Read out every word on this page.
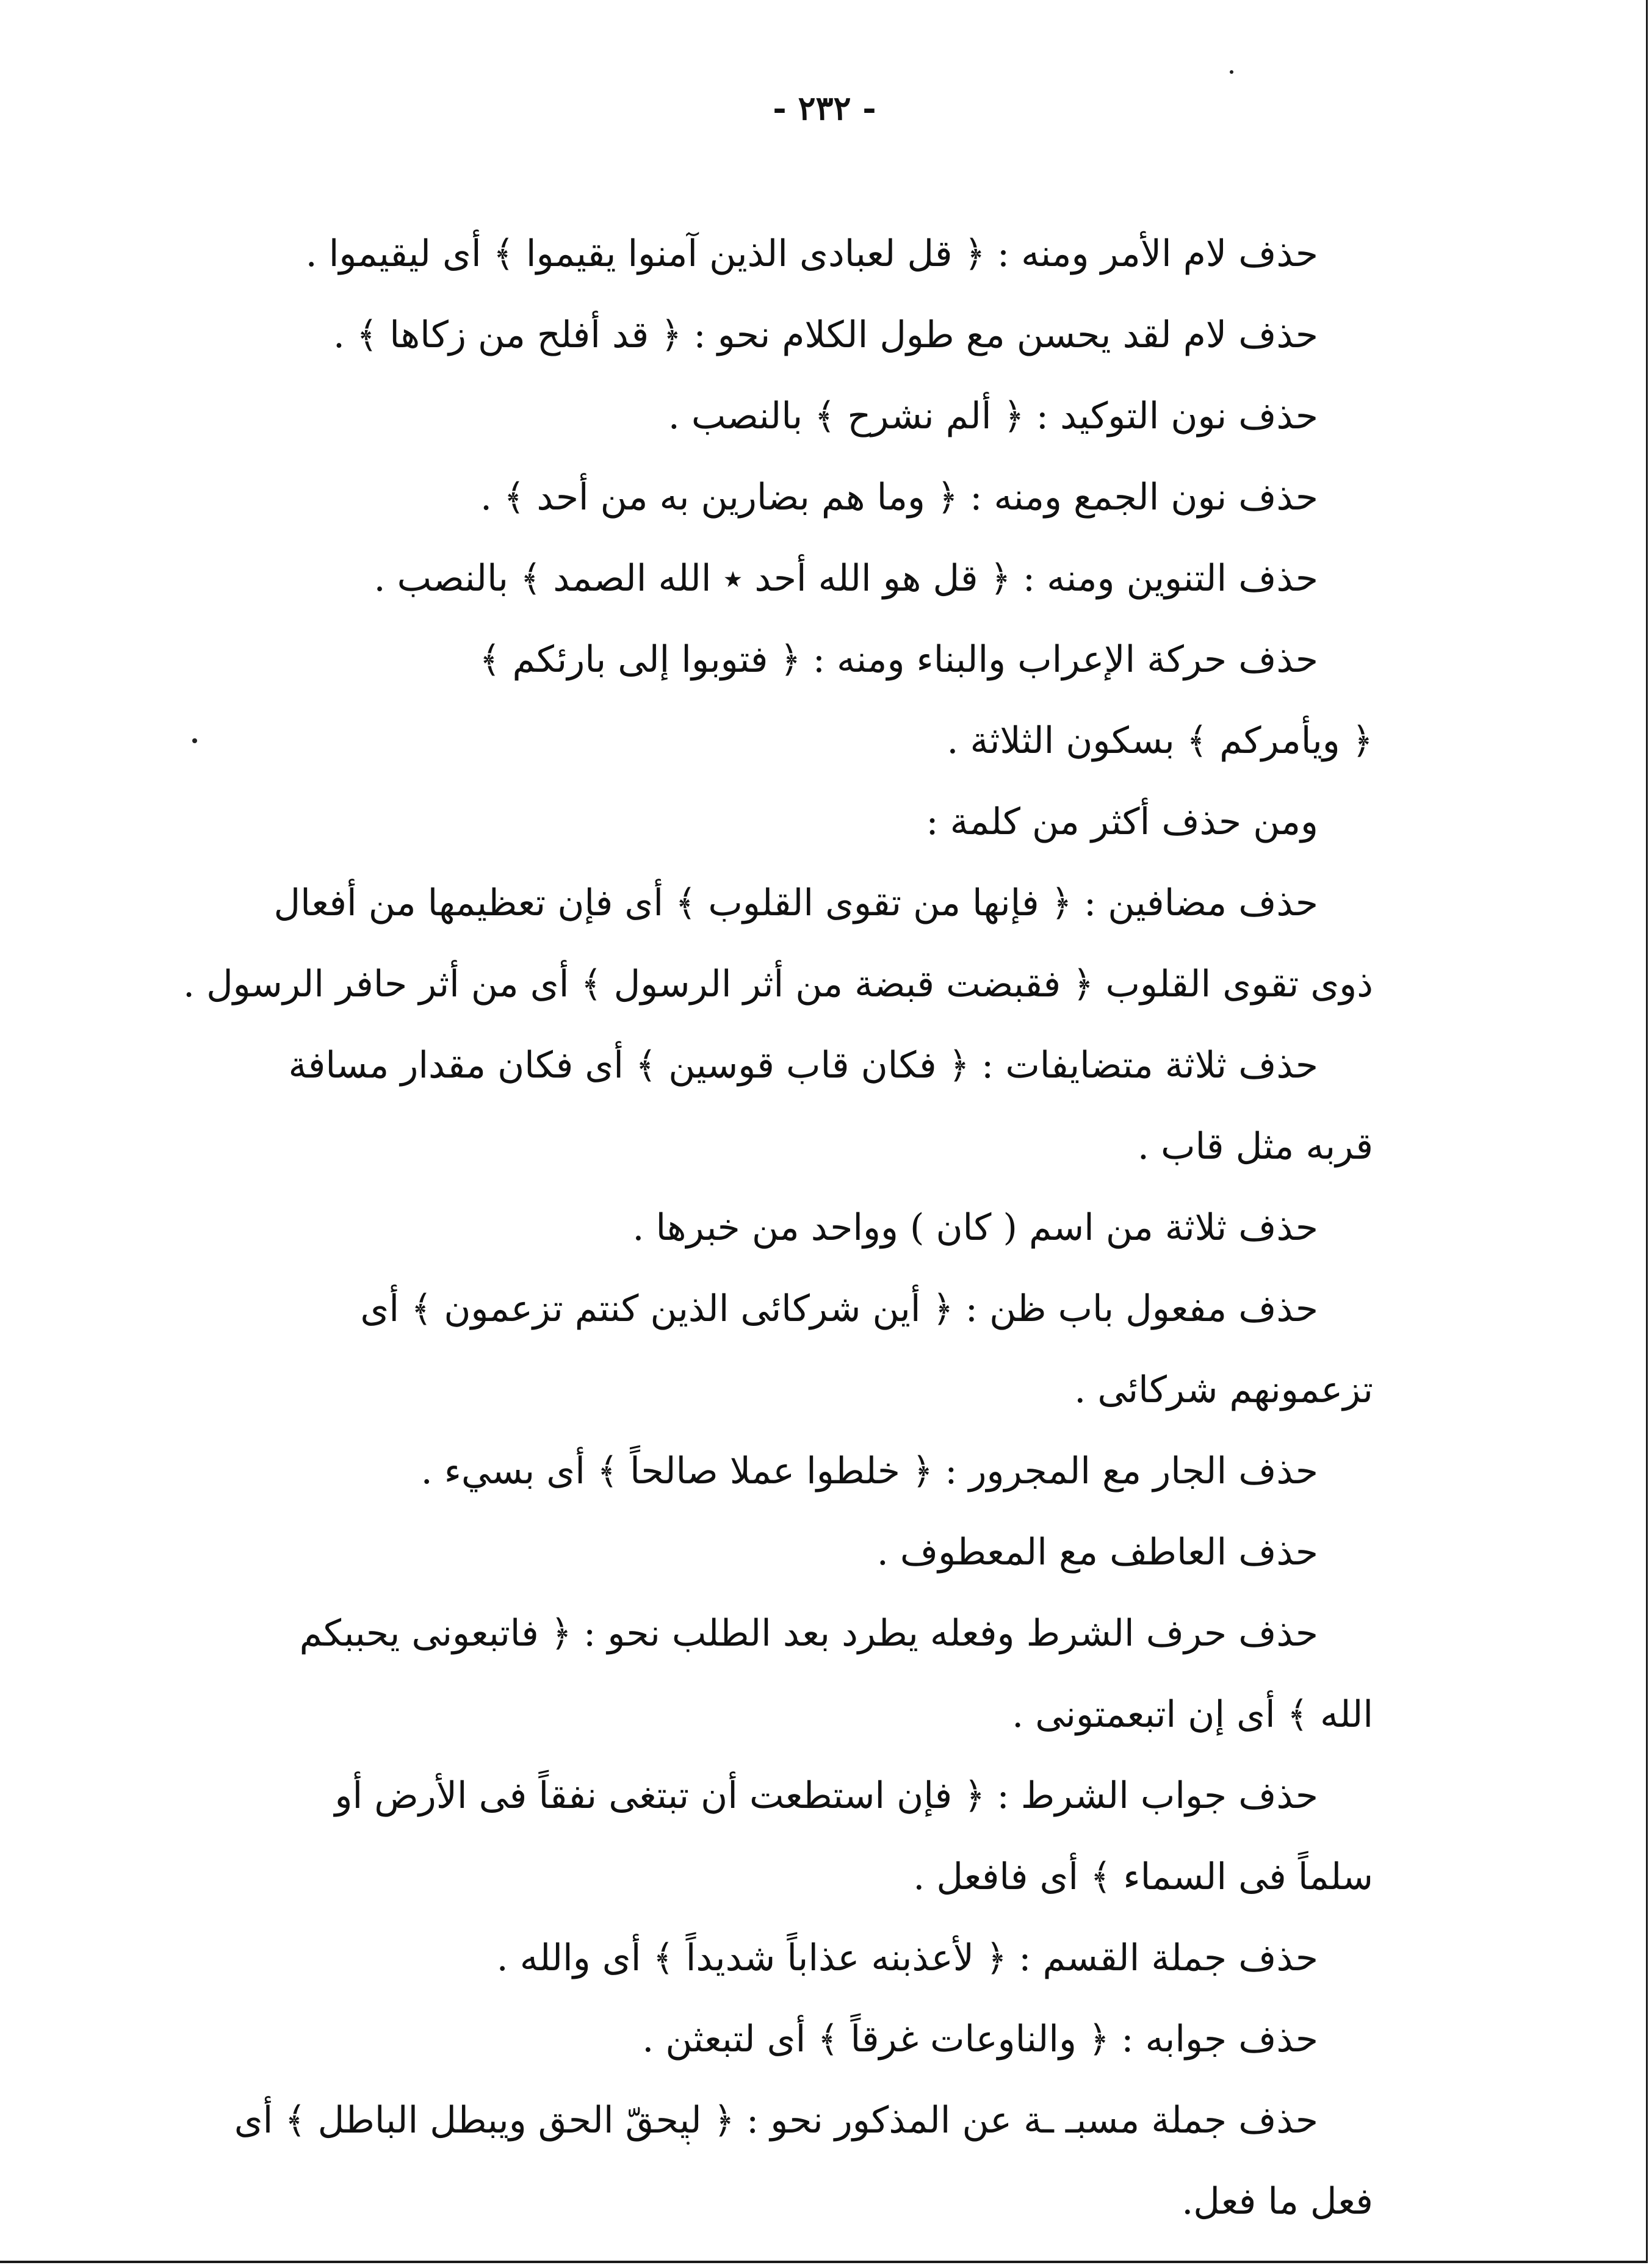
- ٢٣٢ -
حذف لام الأمر ومنه : ﴿ قل لعبادى الذين آمنوا يقيموا ﴾ أى ليقيموا .
حذف لام لقد يحسن مع طول الكلام نحو : ﴿ قد أفلح من زكاها ﴾ .
حذف نون التوكيد : ﴿ ألم نشرح ﴾ بالنصب .
حذف نون الجمع ومنه : ﴿ وما هم بضارين به من أحد ﴾ .
حذف التنوين ومنه : ﴿ قل هو الله أحد ٭ الله الصمد ﴾ بالنصب .
حذف حركة الإعراب والبناء ومنه : ﴿ فتوبوا إلى بارئكم ﴾
﴿ ويأمركم ﴾ بسكون الثلاثة .
ومن حذف أكثر من كلمة :
حذف مضافين : ﴿ فإنها من تقوى القلوب ﴾ أى فإن تعظيمها من أفعال
ذوى تقوى القلوب ﴿ فقبضت قبضة من أثر الرسول ﴾ أى من أثر حافر الرسول .
حذف ثلاثة متضايفات : ﴿ فكان قاب قوسين ﴾ أى فكان مقدار مسافة
قربه مثل قاب .
حذف ثلاثة من اسم ( كان ) وواحد من خبرها .
حذف مفعول باب ظن : ﴿ أين شركائى الذين كنتم تزعمون ﴾ أى
تزعمونهم شركائى .
حذف الجار مع المجرور : ﴿ خلطوا عملا صالحاً ﴾ أى بسيء .
حذف العاطف مع المعطوف .
حذف حرف الشرط وفعله يطرد بعد الطلب نحو : ﴿ فاتبعونى يحببكم
الله ﴾ أى إن اتبعمتونى .
حذف جواب الشرط : ﴿ فإن استطعت أن تبتغى نفقاً فى الأرض أو
سلماً فى السماء ﴾ أى فافعل .
حذف جملة القسم : ﴿ لأعذبنه عذاباً شديداً ﴾ أى والله .
حذف جوابه : ﴿ والناوعات غرقاً ﴾ أى لتبعثن .
حذف جملة مسبـ ـة عن المذكور نحو : ﴿ ليحقّ الحق ويبطل الباطل ﴾ أى
فعل ما فعل.
